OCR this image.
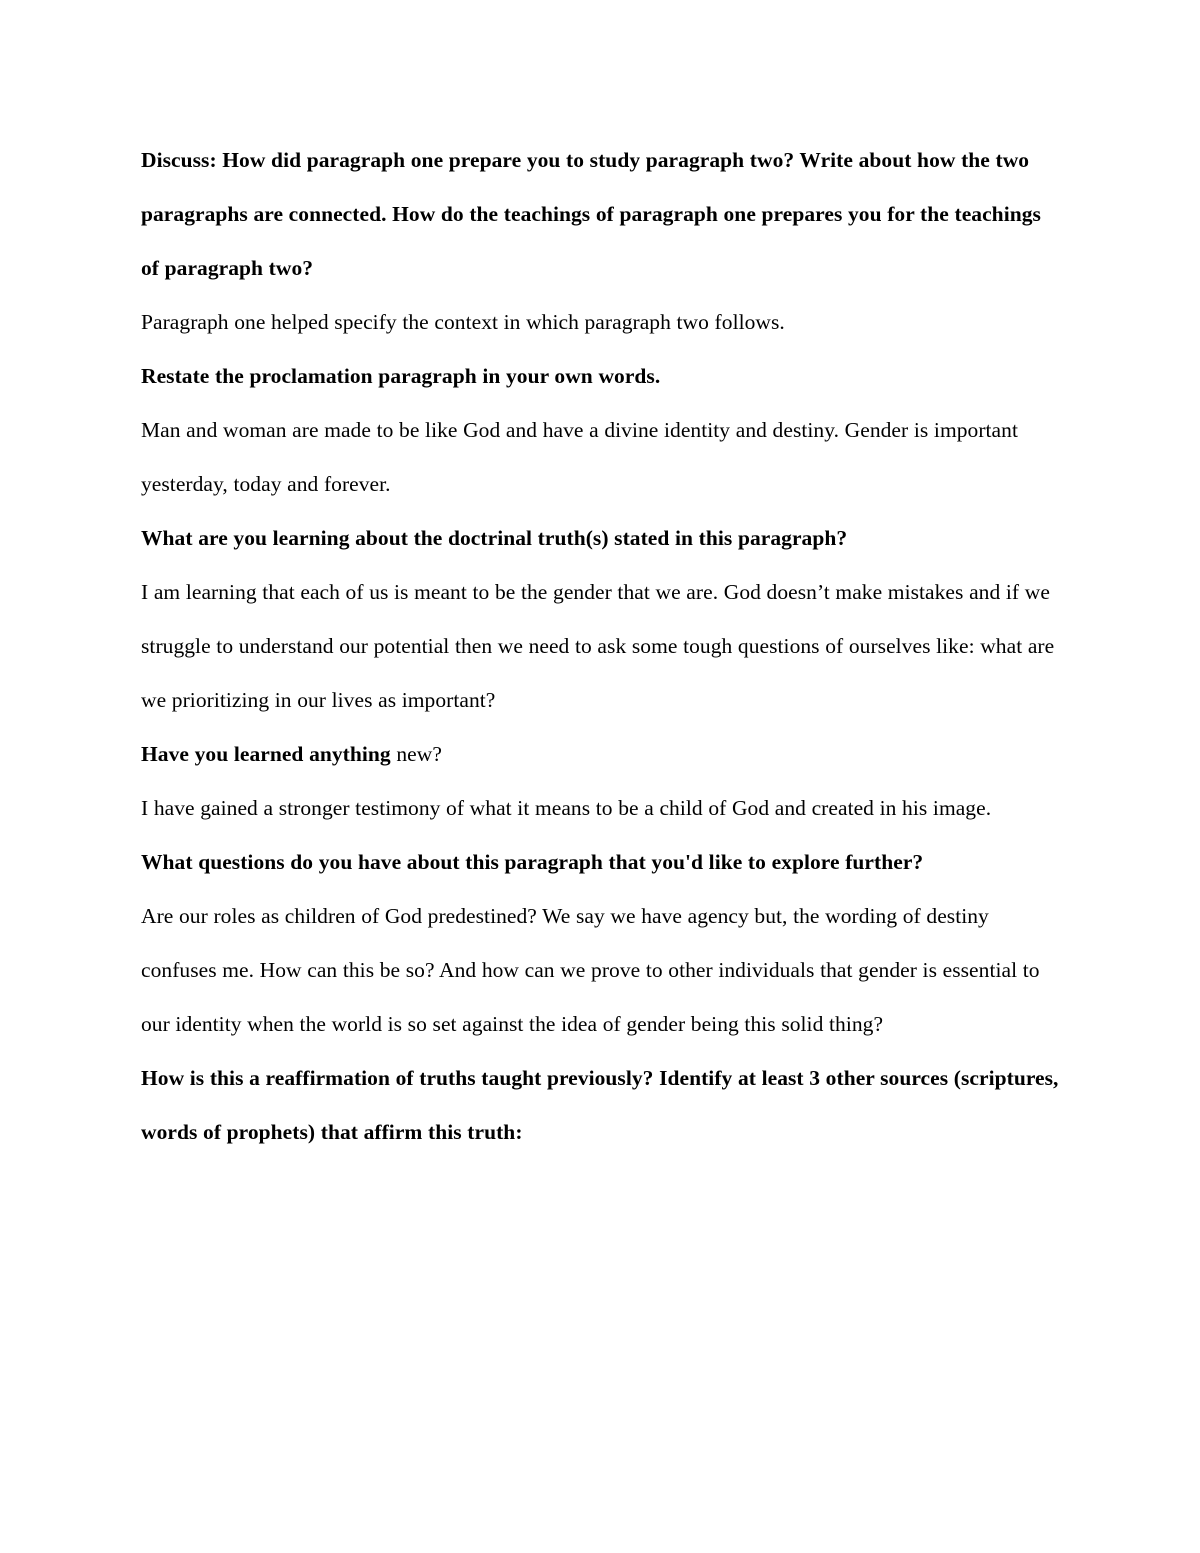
Discuss: How did paragraph one prepare you to study paragraph two? Write about how the two paragraphs are connected. How do the teachings of paragraph one prepares you for the teachings of paragraph two?

Paragraph one helped specify the context in which paragraph two follows.

Restate the proclamation paragraph in your own words.

Man and woman are made to be like God and have a divine identity and destiny. Gender is important yesterday, today and forever.

What are you learning about the doctrinal truth(s) stated in this paragraph?

I am learning that each of us is meant to be the gender that we are. God doesn’t make mistakes and if we struggle to understand our potential then we need to ask some tough questions of ourselves like: what are we prioritizing in our lives as important?

Have you learned anything new?

I have gained a stronger testimony of what it means to be a child of God and created in his image.

What questions do you have about this paragraph that you'd like to explore further?

Are our roles as children of God predestined? We say we have agency but, the wording of destiny confuses me. How can this be so? And how can we prove to other individuals that gender is essential to our identity when the world is so set against the idea of gender being this solid thing?

How is this a reaffirmation of truths taught previously? Identify at least 3 other sources (scriptures, words of prophets) that affirm this truth:
